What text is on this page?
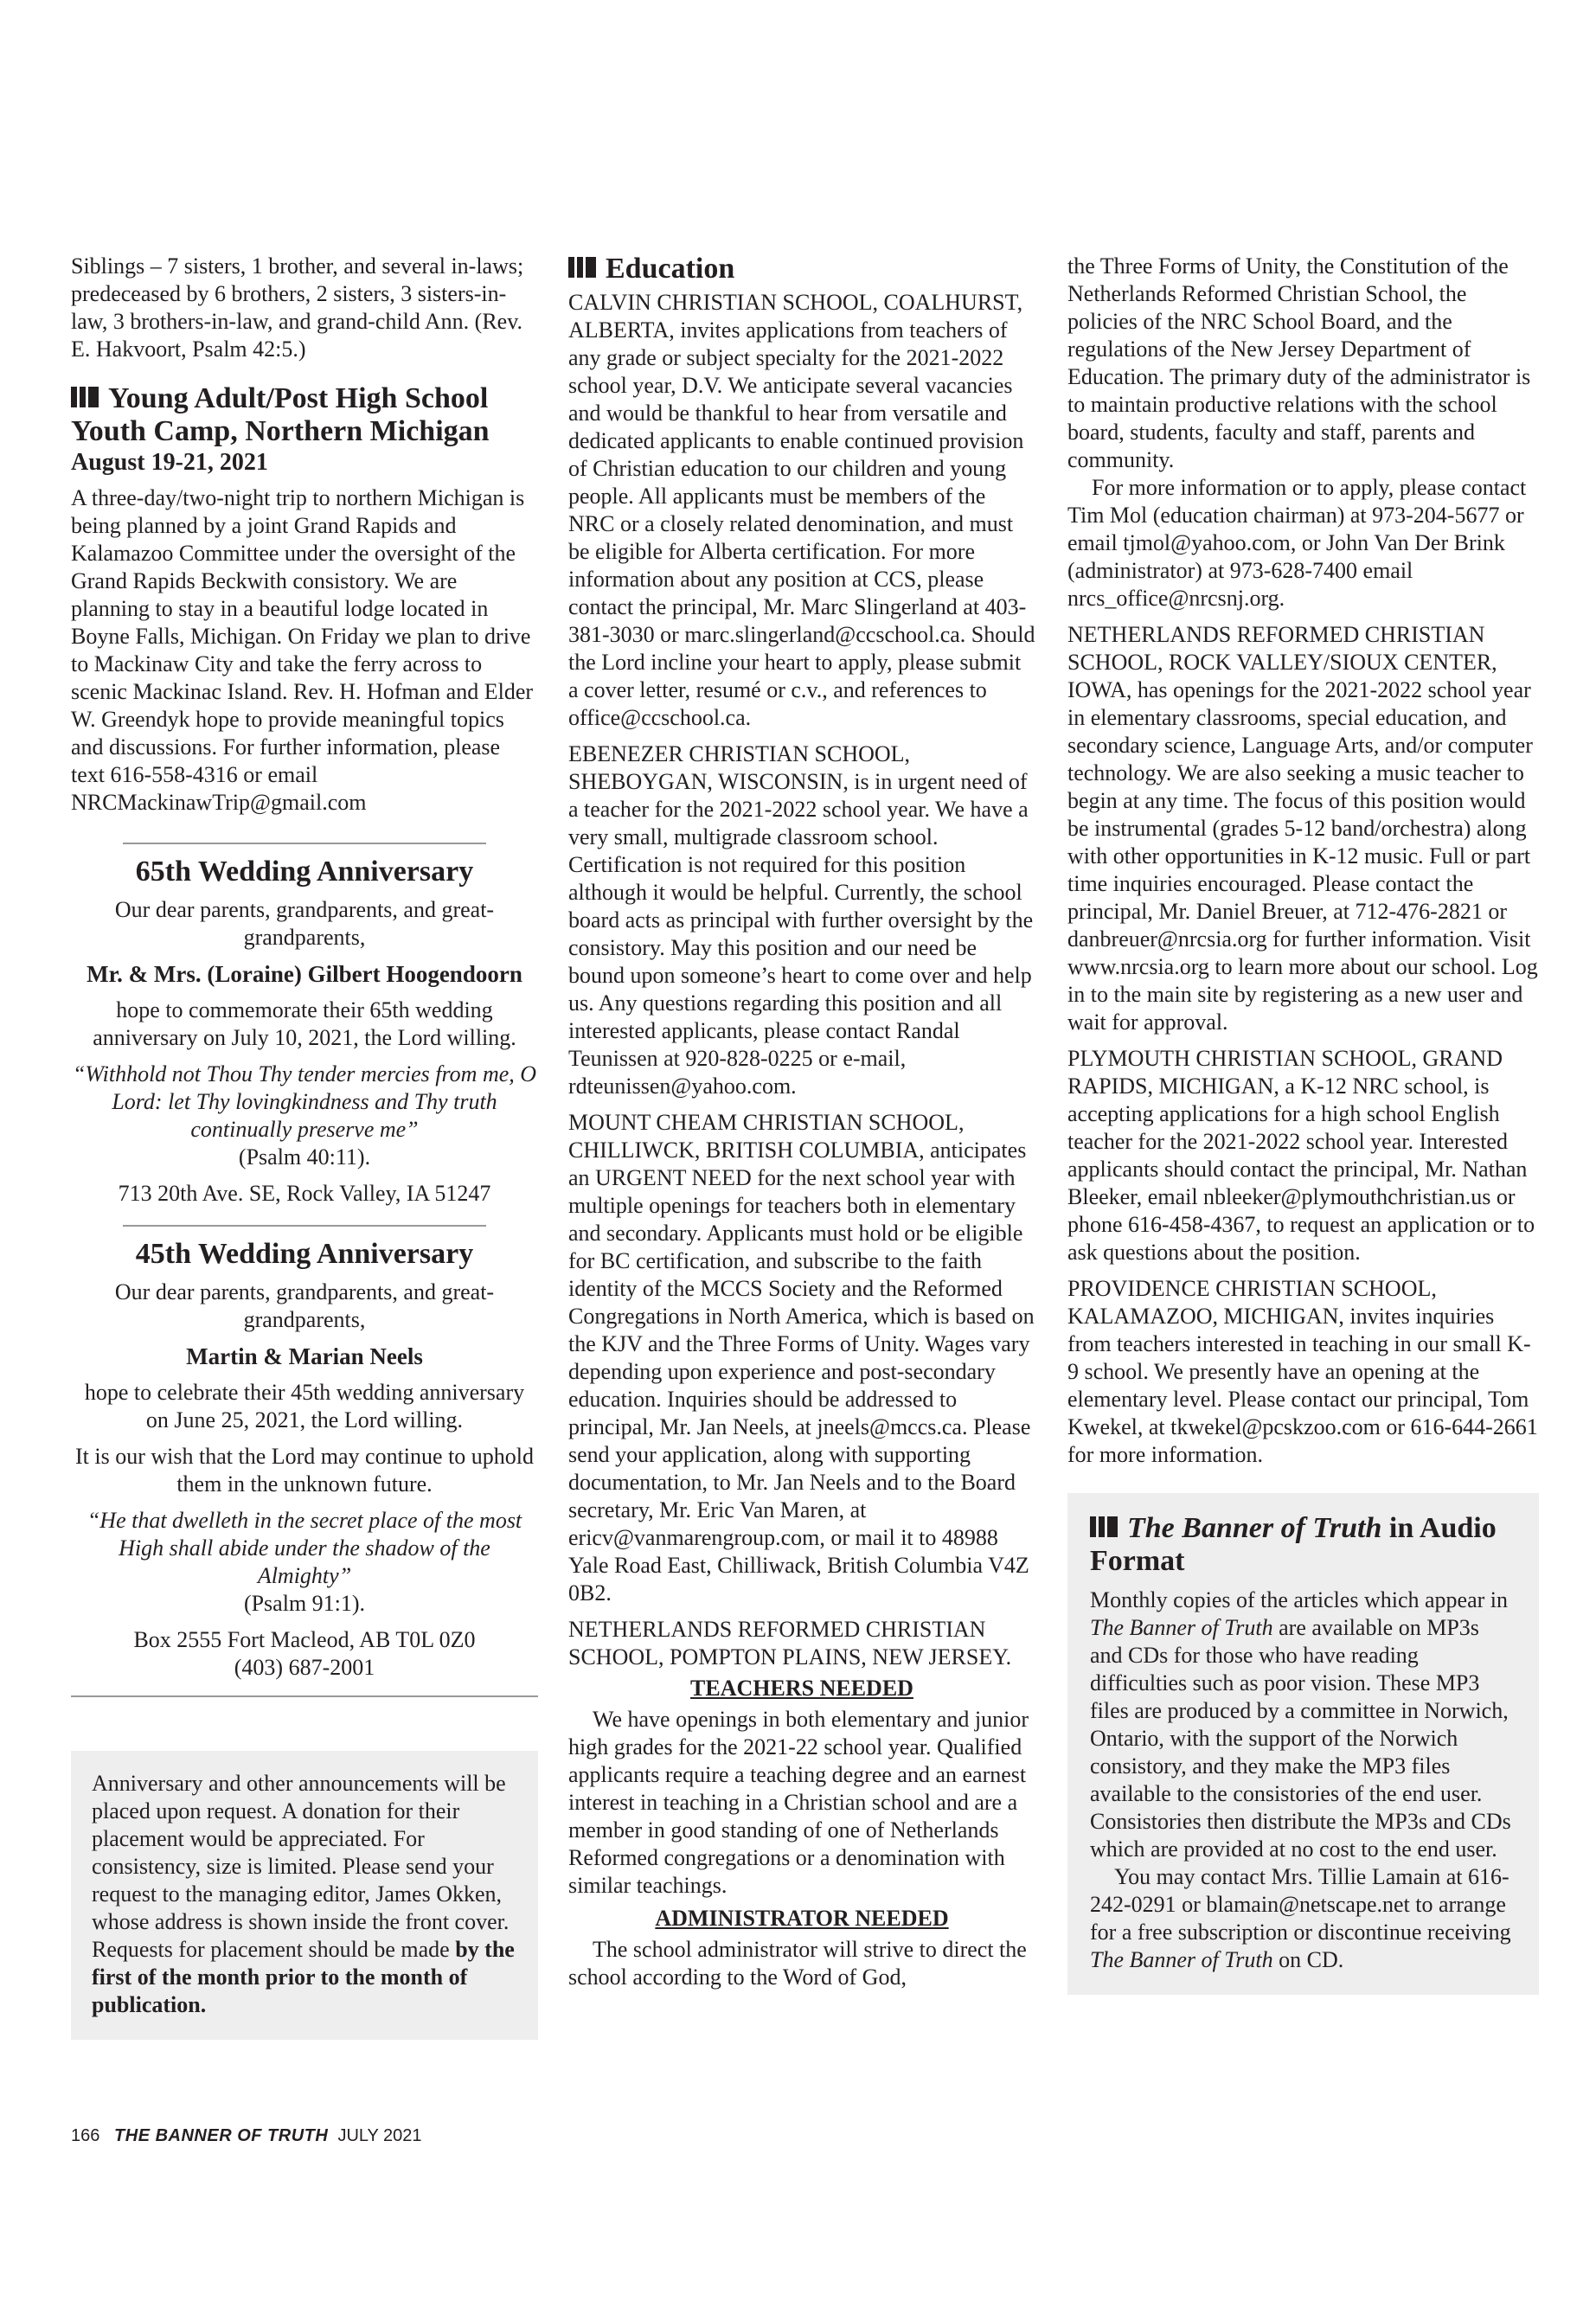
Siblings – 7 sisters, 1 brother, and several in-laws; predeceased by 6 brothers, 2 sisters, 3 sisters-in-law, 3 brothers-in-law, and grand-child Ann. (Rev. E. Hakvoort, Psalm 42:5.)

Young Adult/Post High School Youth Camp, Northern Michigan

August 19-21, 2021

A three-day/two-night trip to northern Michigan is being planned by a joint Grand Rapids and Kalamazoo Committee under the oversight of the Grand Rapids Beckwith consistory. We are planning to stay in a beautiful lodge located in Boyne Falls, Michigan. On Friday we plan to drive to Mackinaw City and take the ferry across to scenic Mackinac Island. Rev. H. Hofman and Elder W. Greendyk hope to provide meaningful topics and discussions. For further information, please text 616-558-4316 or email NRCMackinawTrip@gmail.com

65th Wedding Anniversary

Our dear parents, grandparents, and great-grandparents,

Mr. & Mrs. (Loraine) Gilbert Hoogendoorn

hope to commemorate their 65th wedding anniversary on July 10, 2021, the Lord willing.

“Withhold not Thou Thy tender mercies from me, O Lord: let Thy lovingkindness and Thy truth continually preserve me”

(Psalm 40:11).

713 20th Ave. SE, Rock Valley, IA 51247

45th Wedding Anniversary

Our dear parents, grandparents, and great-grandparents,

Martin & Marian Neels

hope to celebrate their 45th wedding anniversary on June 25, 2021, the Lord willing.

It is our wish that the Lord may continue to uphold them in the unknown future.

“He that dwelleth in the secret place of the most High shall abide under the shadow of the Almighty”

(Psalm 91:1).

Box 2555 Fort Macleod, AB T0L 0Z0

(403) 687-2001

Anniversary and other announcements will be placed upon request. A donation for their placement would be appreciated. For consistency, size is limited. Please send your request to the managing editor, James Okken, whose address is shown inside the front cover. Requests for placement should be made by the first of the month prior to the month of publication.

Education

CALVIN CHRISTIAN SCHOOL, COALHURST, ALBERTA, invites applications from teachers of any grade or subject specialty for the 2021-2022 school year, D.V. We anticipate several vacancies and would be thankful to hear from versatile and dedicated applicants to enable continued provision of Christian education to our children and young people. All applicants must be members of the NRC or a closely related denomination, and must be eligible for Alberta certification. For more information about any position at CCS, please contact the principal, Mr. Marc Slingerland at 403-381-3030 or marc.slingerland@ccschool.ca. Should the Lord incline your heart to apply, please submit a cover letter, resumé or c.v., and references to office@ccschool.ca.

EBENEZER CHRISTIAN SCHOOL, SHEBOYGAN, WISCONSIN, is in urgent need of a teacher for the 2021-2022 school year. We have a very small, multigrade classroom school. Certification is not required for this position although it would be helpful. Currently, the school board acts as principal with further oversight by the consistory. May this position and our need be bound upon someone’s heart to come over and help us. Any questions regarding this position and all interested applicants, please contact Randal Teunissen at 920-828-0225 or e-mail, rdteunissen@yahoo.com.

MOUNT CHEAM CHRISTIAN SCHOOL, CHILLIWCK, BRITISH COLUMBIA, anticipates an URGENT NEED for the next school year with multiple openings for teachers both in elementary and secondary. Applicants must hold or be eligible for BC certification, and subscribe to the faith identity of the MCCS Society and the Reformed Congregations in North America, which is based on the KJV and the Three Forms of Unity. Wages vary depending upon experience and post-secondary education. Inquiries should be addressed to principal, Mr. Jan Neels, at jneels@mccs.ca. Please send your application, along with supporting documentation, to Mr. Jan Neels and to the Board secretary, Mr. Eric Van Maren, at ericv@vanmarengroup.com, or mail it to 48988 Yale Road East, Chilliwack, British Columbia V4Z 0B2.

NETHERLANDS REFORMED CHRISTIAN SCHOOL, POMPTON PLAINS, NEW JERSEY.

TEACHERS NEEDED

We have openings in both elementary and junior high grades for the 2021-22 school year. Qualified applicants require a teaching degree and an earnest interest in teaching in a Christian school and are a member in good standing of one of Netherlands Reformed congregations or a denomination with similar teachings.

ADMINISTRATOR NEEDED

The school administrator will strive to direct the school according to the Word of God,

the Three Forms of Unity, the Constitution of the Netherlands Reformed Christian School, the policies of the NRC School Board, and the regulations of the New Jersey Department of Education. The primary duty of the administrator is to maintain productive relations with the school board, students, faculty and staff, parents and community.

For more information or to apply, please contact Tim Mol (education chairman) at 973-204-5677 or email tjmol@yahoo.com, or John Van Der Brink (administrator) at 973-628-7400 email nrcs_office@nrcsnj.org.

NETHERLANDS REFORMED CHRISTIAN SCHOOL, ROCK VALLEY/SIOUX CENTER, IOWA, has openings for the 2021-2022 school year in elementary classrooms, special education, and secondary science, Language Arts, and/or computer technology. We are also seeking a music teacher to begin at any time. The focus of this position would be instrumental (grades 5-12 band/orchestra) along with other opportunities in K-12 music. Full or part time inquiries encouraged. Please contact the principal, Mr. Daniel Breuer, at 712-476-2821 or danbreuer@nrcsia.org for further information. Visit www.nrcsia.org to learn more about our school. Log in to the main site by registering as a new user and wait for approval.

PLYMOUTH CHRISTIAN SCHOOL, GRAND RAPIDS, MICHIGAN, a K-12 NRC school, is accepting applications for a high school English teacher for the 2021-2022 school year. Interested applicants should contact the principal, Mr. Nathan Bleeker, email nbleeker@plymouthchristian.us or phone 616-458-4367, to request an application or to ask questions about the position.

PROVIDENCE CHRISTIAN SCHOOL, KALAMAZOO, MICHIGAN, invites inquiries from teachers interested in teaching in our small K-9 school. We presently have an opening at the elementary level. Please contact our principal, Tom Kwekel, at tkwekel@pcskzoo.com or 616-644-2661 for more information.

The Banner of Truth in Audio Format

Monthly copies of the articles which appear in The Banner of Truth are available on MP3s and CDs for those who have reading difficulties such as poor vision. These MP3 files are produced by a committee in Norwich, Ontario, with the support of the Norwich consistory, and they make the MP3 files available to the consistories of the end user. Consistories then distribute the MP3s and CDs which are provided at no cost to the end user.

You may contact Mrs. Tillie Lamain at 616-242-0291 or blamain@netscape.net to arrange for a free subscription or discontinue receiving The Banner of Truth on CD.

166 THE BANNER OF TRUTH JULY 2021
